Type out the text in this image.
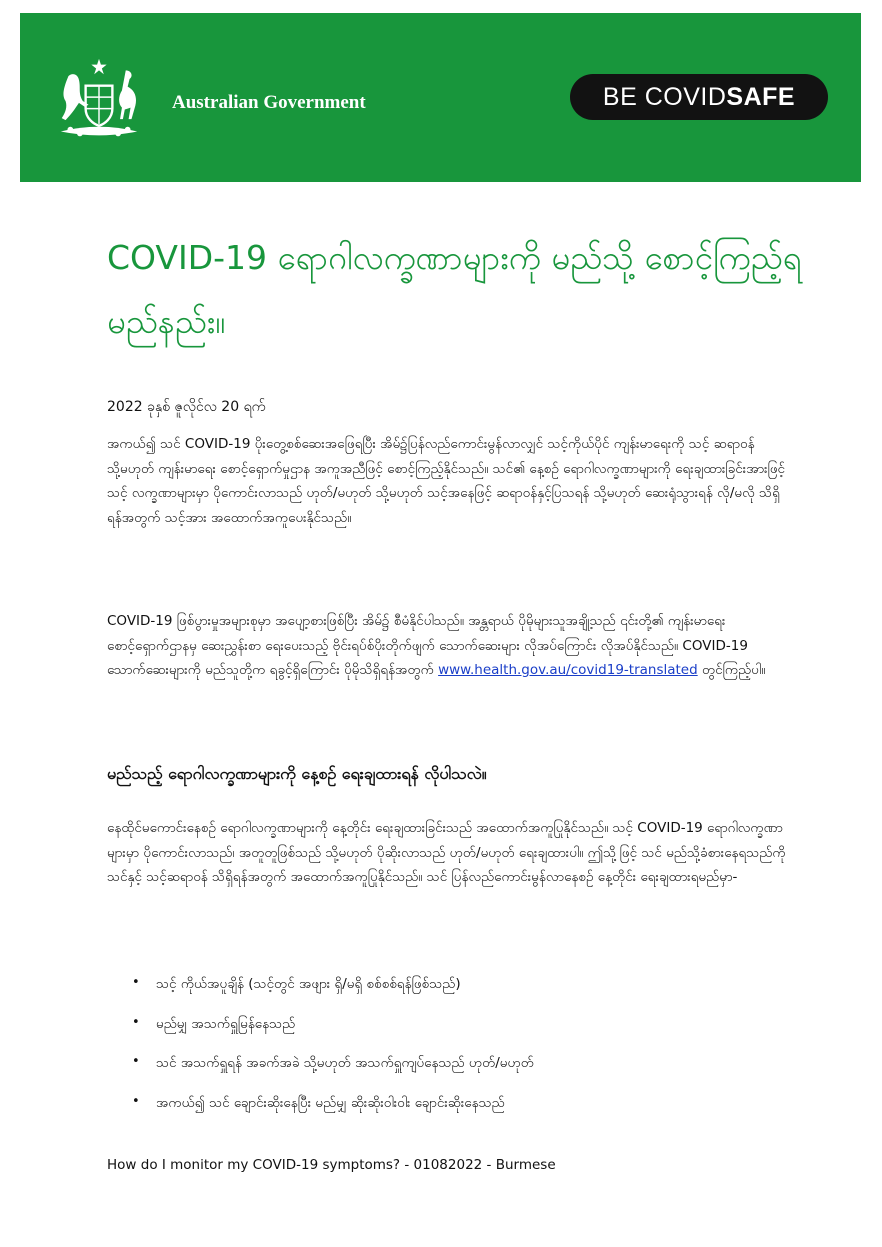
Australian Government	BE COVID SAFE
COVID-19 ရောဂါလက္ခဏာများကို မည်သို့ စောင့်ကြည့်ရမည်နည်း။
2022 ခုနှစ် ဇူလိုင်လ 20 ရက်

အကယ်၍ သင် COVID-19 ပိုးတွေ့စစ်ဆေးအဖြေရပြီး အိမ်၌ပြန်လည်ကောင်းမွန်လာလျှင် သင့်ကိုယ်ပိုင် ကျန်းမာရေးကို သင့် ဆရာဝန် သို့မဟုတ် ကျန်းမာရေး စောင့်ရှောက်မှုဌာန အကူအညီဖြင့် စောင့်ကြည့်နိုင်သည်။ သင်၏ နေ့စဉ် ရောဂါလက္ခဏာများကို ရေးချထားခြင်းအားဖြင့် သင့် လက္ခဏာများမှာ ပိုကောင်းလာသည် ဟုတ်/မဟုတ် သို့မဟုတ် သင့်အနေဖြင့် ဆရာဝန်နှင့်ပြသရန် သို့မဟုတ် ဆေးရုံသွားရန် လို/မလို သိရှိရန်အတွက် သင့်အား အထောက်အကူပေးနိုင်သည်။

COVID-19 ဖြစ်ပွားမှုအများစုမှာ အပျော့စားဖြစ်ပြီး အိမ်၌ စီမံနိုင်ပါသည်။ အန္တရာယ် ပိုမိုများသူအချို့သည် ၎င်းတို့၏ ကျန်းမာရေးစောင့်ရှောက်ဌာနမှ ဆေးညွှန်းစာ ရေးပေးသည့် ဗိုင်းရပ်စ်ပိုးတိုက်ဖျက် သောက်ဆေးများ လိုအပ်ကြောင်း လိုအပ်နိုင်သည်။ COVID-19 သောက်ဆေးများကို မည်သူတို့က ရခွင့်ရှိကြောင်း ပိုမိုသိရှိရန်အတွက် www.health.gov.au/covid19-translated တွင်ကြည့်ပါ။

မည်သည့် ရောဂါလက္ခဏာများကို နေ့စဉ် ရေးချထားရန် လိုပါသလဲ။

နေထိုင်မကောင်းနေစဉ် ရောဂါလက္ခဏာများကို နေ့တိုင်း ရေးချထားခြင်းသည် အထောက်အကူပြုနိုင်သည်။ သင့် COVID-19 ရောဂါလက္ခဏာများမှာ ပိုကောင်းလာသည်၊ အတူတူဖြစ်သည် သို့မဟုတ် ပိုဆိုးလာသည် ဟုတ်/မဟုတ် ရေးချထားပါ။ ဤသို့ဖြင့် သင် မည်သို့ခံစားနေရသည်ကို သင်နှင့် သင့်ဆရာဝန် သိရှိရန်အတွက် အထောက်အကူပြုနိုင်သည်။ သင် ပြန်လည်ကောင်းမွန်လာနေစဉ် နေ့တိုင်း ရေးချထားရမည်မှာ-

•	သင့် ကိုယ်အပူချိန် (သင့်တွင် အဖျား ရှိ/မရှိ စစ်စစ်ရန်ဖြစ်သည်)
•	မည်မျှ အသက်ရှူမြန်နေသည်
•	သင် အသက်ရှူရန် အခက်အခဲ သို့မဟုတ် အသက်ရှူကျပ်နေသည် ဟုတ်/မဟုတ်
•	အကယ်၍ သင် ချောင်းဆိုးနေပြီး မည်မျှ ဆိုးဆိုးဝါးဝါး ချောင်းဆိုးနေသည်
How do I monitor my COVID-19 symptoms? - 01082022 - Burmese
